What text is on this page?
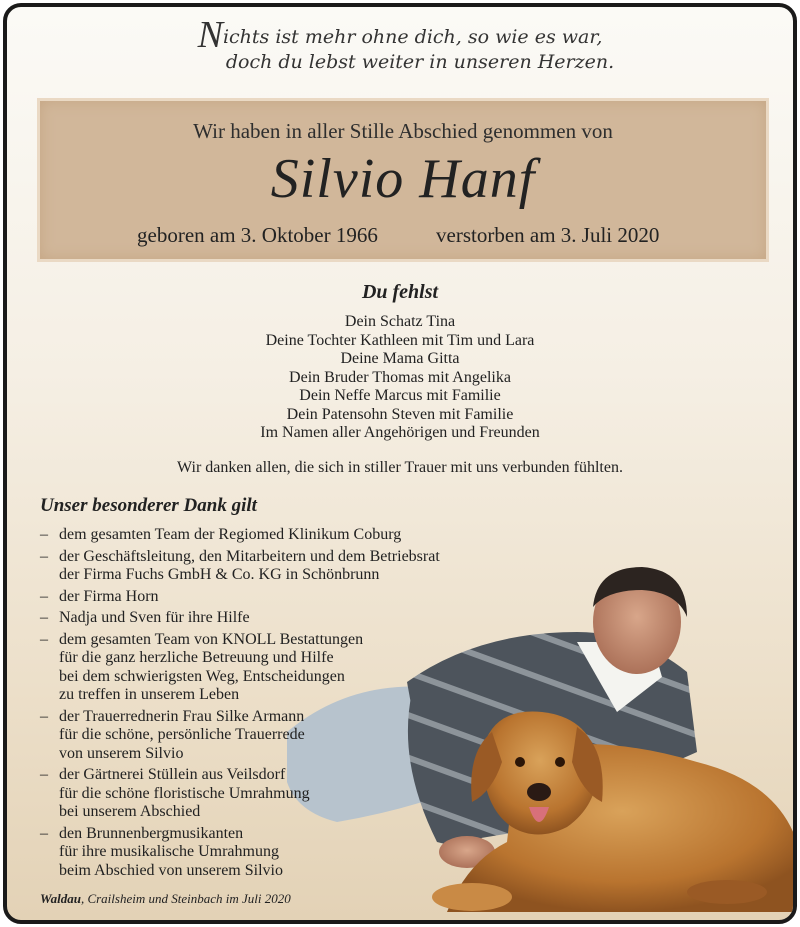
Nichts ist mehr ohne dich, so wie es war,
doch du lebst weiter in unseren Herzen.
Wir haben in aller Stille Abschied genommen von
Silvio Hanf
geboren am 3. Oktober 1966	verstorben am 3. Juli 2020
Du fehlst
Dein Schatz Tina
Deine Tochter Kathleen mit Tim und Lara
Deine Mama Gitta
Dein Bruder Thomas mit Angelika
Dein Neffe Marcus mit Familie
Dein Patensohn Steven mit Familie
Im Namen aller Angehörigen und Freunden
Wir danken allen, die sich in stiller Trauer mit uns verbunden fühlten.
Unser besonderer Dank gilt
– dem gesamten Team der Regiomed Klinikum Coburg
– der Geschäftsleitung, den Mitarbeitern und dem Betriebsrat
der Firma Fuchs GmbH & Co. KG in Schönbrunn
– der Firma Horn
– Nadja und Sven für ihre Hilfe
– dem gesamten Team von KNOLL Bestattungen
für die ganz herzliche Betreuung und Hilfe
bei dem schwierigsten Weg, Entscheidungen
zu treffen in unserem Leben
– der Trauerrednerin Frau Silke Armann
für die schöne, persönliche Trauerrede
von unserem Silvio
– der Gärtnerei Stüllein aus Veilsdorf
für die schöne floristische Umrahmung
bei unserem Abschied
– den Brunnenbergmusikanten
für ihre musikalische Umrahmung
beim Abschied von unserem Silvio
Waldau, Crailsheim und Steinbach im Juli 2020
